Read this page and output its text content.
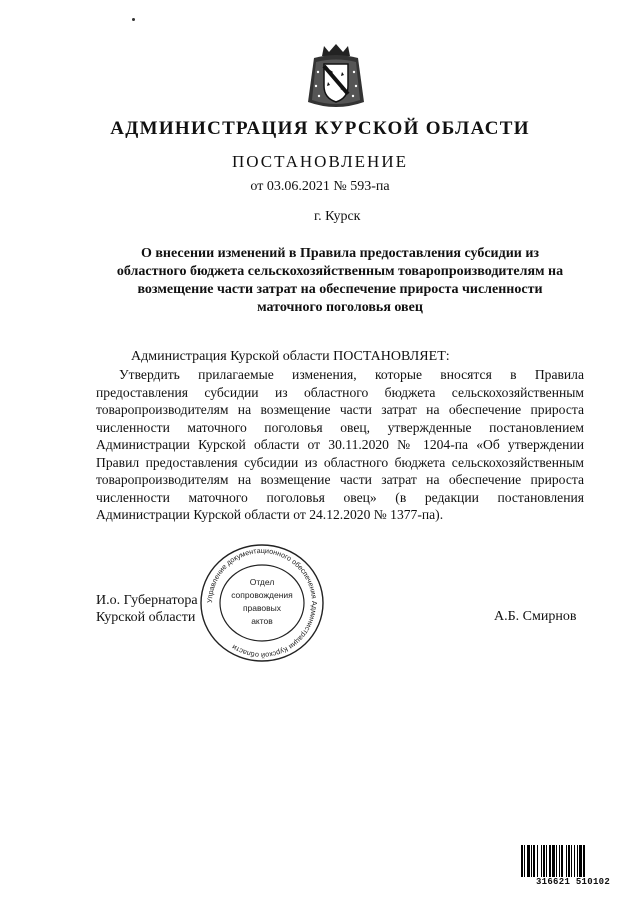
АДМИНИСТРАЦИЯ КУРСКОЙ ОБЛАСТИ
ПОСТАНОВЛЕНИЕ
от 03.06.2021 № 593-па
г. Курск
О внесении изменений в Правила предоставления субсидии из
областного бюджета сельскохозяйственным товаропроизводителям на
возмещение части затрат на обеспечение прироста численности
маточного поголовья овец
Администрация Курской области ПОСТАНОВЛЯЕТ:

Утвердить прилагаемые изменения, которые вносятся в Правила предоставления субсидии из областного бюджета сельскохозяйственным товаропроизводителям на возмещение части затрат на обеспечение прироста численности маточного поголовья овец, утвержденные постановлением Администрации Курской области от 30.11.2020 № 1204-па «Об утверждении Правил предоставления субсидии из областного бюджета сельскохозяйственным товаропроизводителям на возмещение части затрат на обеспечение прироста численности маточного поголовья овец» (в редакции постановления Администрации Курской области от 24.12.2020 № 1377-па).

И.о. Губернатора
Курской области	А.Б. Смирнов
Управление документационного обеспечения Администрации Курской области
Отдел
сопровождения
правовых
актов
316621 510102
